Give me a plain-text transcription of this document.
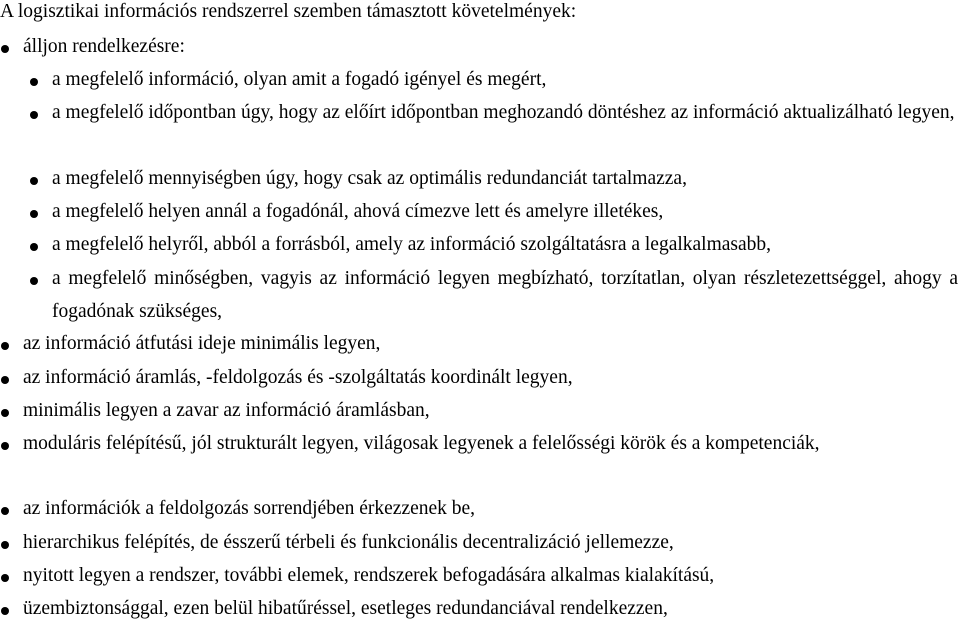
A logisztikai információs rendszerrel szemben támasztott követelmények:
álljon rendelkezésre:
a megfelelő információ, olyan amit a fogadó igényel és megért,
a megfelelő időpontban úgy, hogy az előírt időpontban meghozandó döntéshez az információ aktualizálható legyen,
a megfelelő mennyiségben úgy, hogy csak az optimális redundanciát tartalmazza,
a megfelelő helyen annál a fogadónál, ahová címezve lett és amelyre illetékes,
a megfelelő helyről, abból a forrásból, amely az információ szolgáltatásra a legalkalmasabb,
a megfelelő minőségben, vagyis az információ legyen megbízható, torzítatlan, olyan részletezettséggel, ahogy a fogadónak szükséges,
az információ átfutási ideje minimális legyen,
az információ áramlás, -feldolgozás és -szolgáltatás koordinált legyen,
minimális legyen a zavar az információ áramlásban,
moduláris felépítésű, jól strukturált legyen, világosak legyenek a felelősségi körök és a kompetenciák,
az információk a feldolgozás sorrendjében érkezzenek be,
hierarchikus felépítés, de ésszerű térbeli és funkcionális decentralizáció jellemezze,
nyitott legyen a rendszer, további elemek, rendszerek befogadására alkalmas kialakítású,
üzembiztonsággal, ezen belül hibatűréssel, esetleges redundanciával rendelkezzen,
